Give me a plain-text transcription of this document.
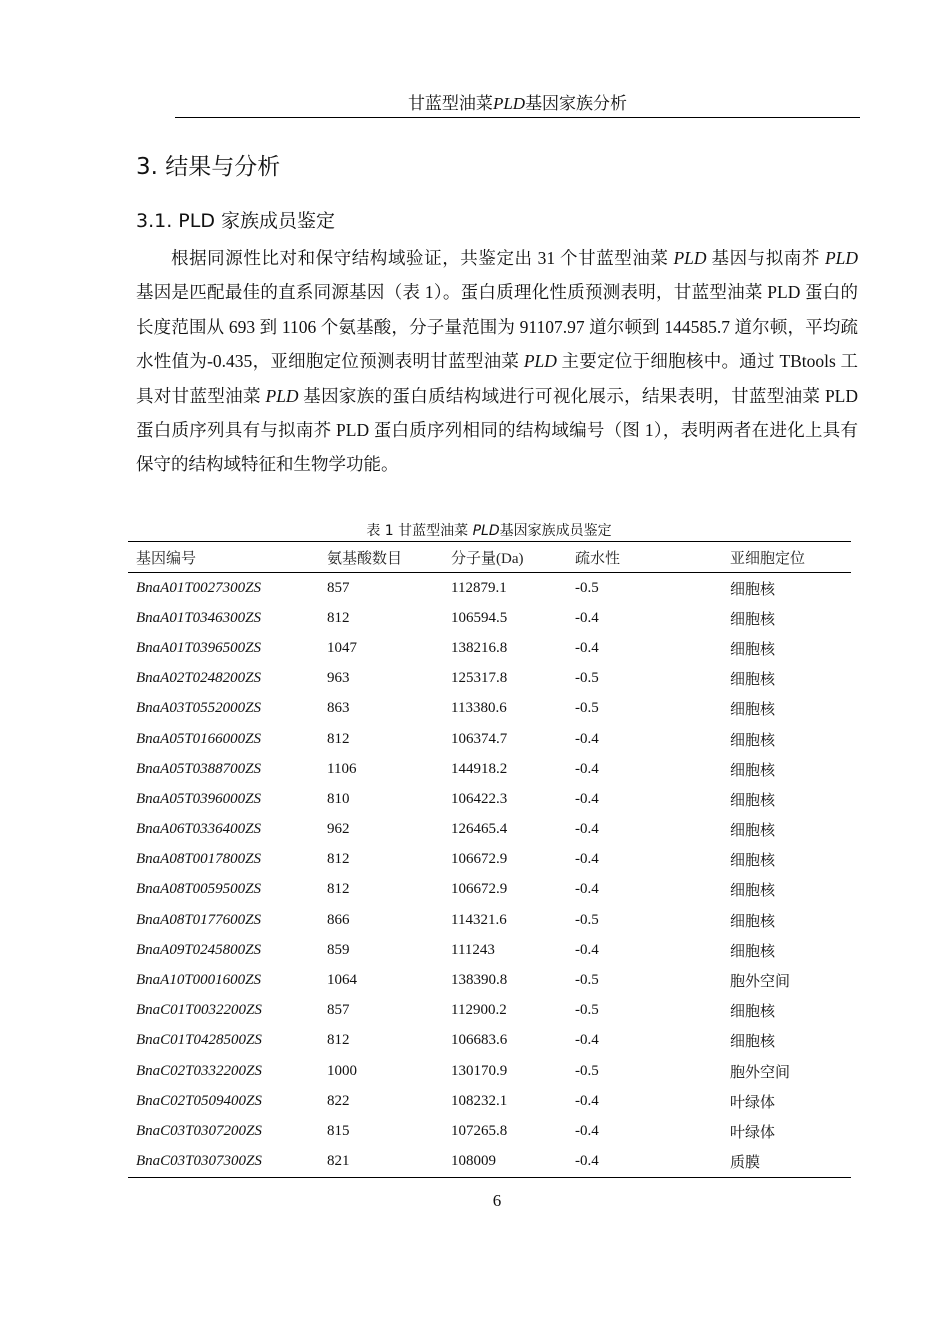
甘蓝型油菜PLD基因家族分析
3. 结果与分析
3.1. PLD 家族成员鉴定

根据同源性比对和保守结构域验证，共鉴定出 31 个甘蓝型油菜 PLD 基因与拟南芥 PLD 基因是匹配最佳的直系同源基因（表 1）。蛋白质理化性质预测表明，甘蓝型油菜 PLD 蛋白的长度范围从 693 到 1106 个氨基酸，分子量范围为 91107.97 道尔顿到 144585.7 道尔顿，平均疏水性值为-0.435，亚细胞定位预测表明甘蓝型油菜 PLD 主要定位于细胞核中。通过 TBtools 工具对甘蓝型油菜 PLD 基因家族的蛋白质结构域进行可视化展示，结果表明，甘蓝型油菜 PLD 蛋白质序列具有与拟南芥 PLD 蛋白质序列相同的结构域编号（图 1），表明两者在进化上具有保守的结构域特征和生物学功能。

表 1 甘蓝型油菜 PLD基因家族成员鉴定
基因编号	氨基酸数目	分子量(Da)	疏水性	亚细胞定位
BnaA01T0027300ZS	857	112879.1	-0.5	细胞核
BnaA01T0346300ZS	812	106594.5	-0.4	细胞核
BnaA01T0396500ZS	1047	138216.8	-0.4	细胞核
BnaA02T0248200ZS	963	125317.8	-0.5	细胞核
BnaA03T0552000ZS	863	113380.6	-0.5	细胞核
BnaA05T0166000ZS	812	106374.7	-0.4	细胞核
BnaA05T0388700ZS	1106	144918.2	-0.4	细胞核
BnaA05T0396000ZS	810	106422.3	-0.4	细胞核
BnaA06T0336400ZS	962	126465.4	-0.4	细胞核
BnaA08T0017800ZS	812	106672.9	-0.4	细胞核
BnaA08T0059500ZS	812	106672.9	-0.4	细胞核
BnaA08T0177600ZS	866	114321.6	-0.5	细胞核
BnaA09T0245800ZS	859	111243	-0.4	细胞核
BnaA10T0001600ZS	1064	138390.8	-0.5	胞外空间
BnaC01T0032200ZS	857	112900.2	-0.5	细胞核
BnaC01T0428500ZS	812	106683.6	-0.4	细胞核
BnaC02T0332200ZS	1000	130170.9	-0.5	胞外空间
BnaC02T0509400ZS	822	108232.1	-0.4	叶绿体
BnaC03T0307200ZS	815	107265.8	-0.4	叶绿体
BnaC03T0307300ZS	821	108009	-0.4	质膜
6
